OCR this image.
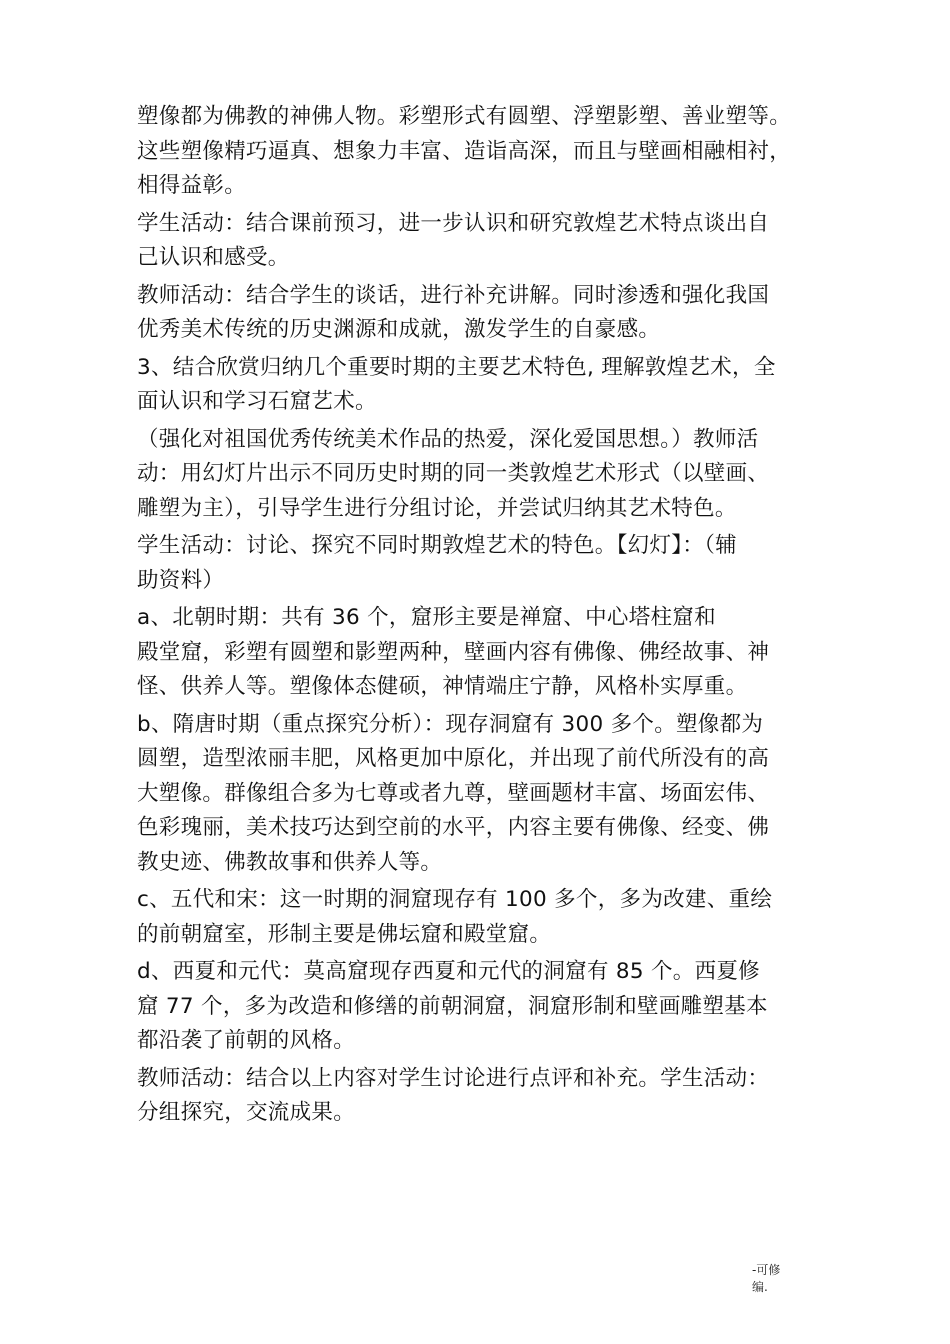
塑像都为佛教的神佛人物。彩塑形式有圆塑、浮塑影塑、善业塑等。
这些塑像精巧逼真、想象力丰富、造诣高深，而且与壁画相融相衬，
相得益彰。

学生活动：结合课前预习，进一步认识和研究敦煌艺术特点谈出自
己认识和感受。

教师活动：结合学生的谈话，进行补充讲解。同时渗透和强化我国
优秀美术传统的历史渊源和成就，激发学生的自豪感。

3、结合欣赏归纳几个重要时期的主要艺术特色, 理解敦煌艺术，全
面认识和学习石窟艺术。

（强化对祖国优秀传统美术作品的热爱，深化爱国思想。）教师活
动：用幻灯片出示不同历史时期的同一类敦煌艺术形式（以壁画、
雕塑为主），引导学生进行分组讨论，并尝试归纳其艺术特色。

学生活动：讨论、探究不同时期敦煌艺术的特色。【幻灯】：（辅
助资料）

a、北朝时期：共有 36 个，窟形主要是禅窟、中心塔柱窟和
殿堂窟，彩塑有圆塑和影塑两种，壁画内容有佛像、佛经故事、神
怪、供养人等。塑像体态健硕，神情端庄宁静，风格朴实厚重。

b、隋唐时期（重点探究分析）：现存洞窟有 300 多个。塑像都为
圆塑，造型浓丽丰肥，风格更加中原化，并出现了前代所没有的高
大塑像。群像组合多为七尊或者九尊，壁画题材丰富、场面宏伟、
色彩瑰丽，美术技巧达到空前的水平，内容主要有佛像、经变、佛
教史迹、佛教故事和供养人等。

c、五代和宋：这一时期的洞窟现存有 100 多个，多为改建、重绘
的前朝窟室，形制主要是佛坛窟和殿堂窟。

d、西夏和元代：莫高窟现存西夏和元代的洞窟有 85 个。西夏修
窟 77 个，多为改造和修缮的前朝洞窟，洞窟形制和壁画雕塑基本
都沿袭了前朝的风格。

教师活动：结合以上内容对学生讨论进行点评和补充。学生活动：
分组探究，交流成果。

-可修
编.
